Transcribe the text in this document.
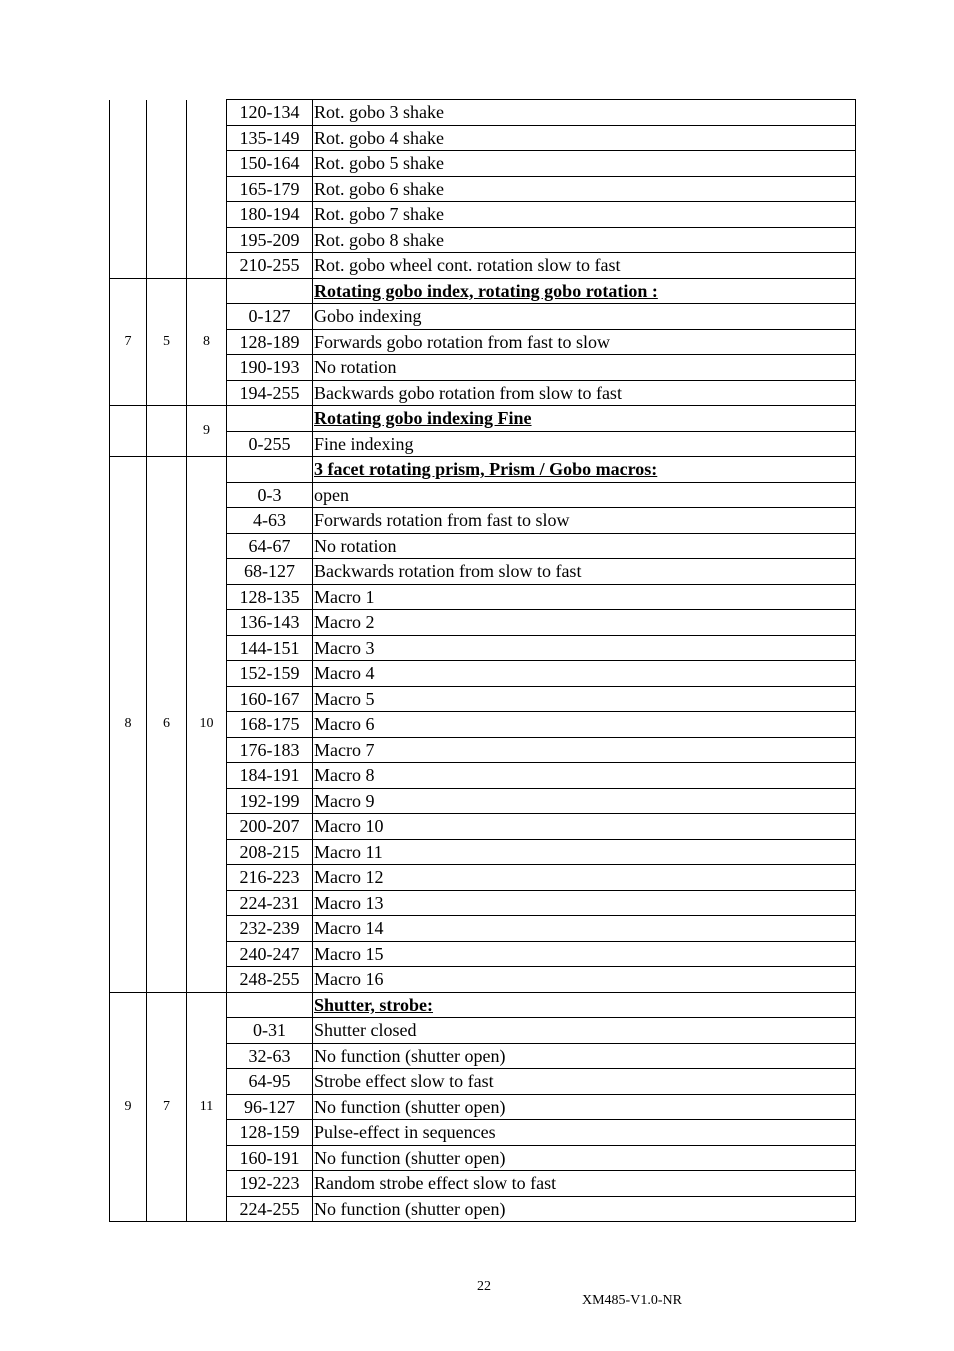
			120-134	Rot. gobo 3 shake
			135-149	Rot. gobo 4 shake
			150-164	Rot. gobo 5 shake
			165-179	Rot. gobo 6 shake
			180-194	Rot. gobo 7 shake
			195-209	Rot. gobo 8 shake
			210-255	Rot. gobo wheel cont. rotation slow to fast
7	5	8		Rotating gobo index, rotating gobo rotation :
			0-127	Gobo indexing
			128-189	Forwards gobo rotation from fast to slow
			190-193	No rotation
			194-255	Backwards gobo rotation from slow to fast
		9		Rotating gobo indexing Fine
			0-255	Fine indexing
8	6	10		3 facet rotating prism, Prism / Gobo macros:
			0-3	open
			4-63	Forwards rotation from fast to slow
			64-67	No rotation
			68-127	Backwards rotation from slow to fast
			128-135	Macro 1
			136-143	Macro 2
			144-151	Macro 3
			152-159	Macro 4
			160-167	Macro 5
			168-175	Macro 6
			176-183	Macro 7
			184-191	Macro 8
			192-199	Macro 9
			200-207	Macro 10
			208-215	Macro 11
			216-223	Macro 12
			224-231	Macro 13
			232-239	Macro 14
			240-247	Macro 15
			248-255	Macro 16
9	7	11		Shutter, strobe:
			0-31	Shutter closed
			32-63	No function (shutter open)
			64-95	Strobe effect slow to fast
			96-127	No function (shutter open)
			128-159	Pulse-effect in sequences
			160-191	No function (shutter open)
			192-223	Random strobe effect slow to fast
			224-255	No function (shutter open)
22
XM485-V1.0-NR
